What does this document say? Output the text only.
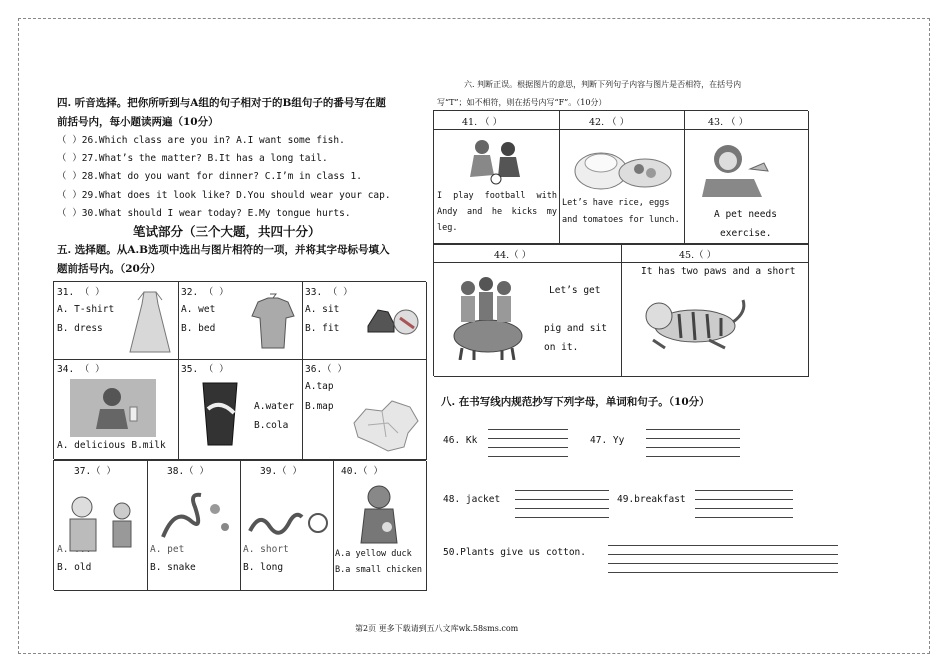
四. 听音选择。把你所听到与A组的句子相对于的B组句子的番号写在题
前括号内，每小题读两遍（10分）
（ ）26.Which class are you in? A.I want some fish.
（ ）27.What’s the matter? B.It has a long tail.
（ ）28.What do you want for dinner? C.I’m in class 1.
（ ）29.What does it look like? D.You should wear your cap.
（ ）30.What should I wear today? E.My tongue hurts.
笔试部分（三个大题，共四十分）
五. 选择题。从A.B选项中选出与图片相符的一项，并将其字母标号填入
题前括号内。（20分）
31. （ ）
A. T-shirt
B. dress
32. （ ）
A. wet
B. bed
33. （ ）
A. sit
B. fit
34. （ ）
A. delicious B.milk
35. （ ）
A.water
B.cola
36.（ ）
A.tap
B.map
37.（ ）
A. ...
B. old
38.（ ）
A. pet
B. snake
39.（ ）
A. short
B. long
40.（ ）
A.a yellow duck
B.a small chicken
六. 判断正误。根据图片的意思，判断下列句子内容与图片是否相符，在括号内
写“T”；如不相符，则在括号内写“F”。（10分）
41. （ ）
I play football with Andy and he kicks my leg.
42. （ ）
Let’s have rice, eggs and tomatoes for lunch.
43. （ ）
A pet needs
exercise.
44.（ ）
Let’s get
pig and sit
on it.
45.（ ）
It has two paws and a short
八. 在书写线内规范抄写下列字母，单词和句子。（10分）
46. Kk	47. Yy
48. jacket	49.breakfast
50.Plants give us cotton.
第2页 更多下载请到五八文库wk.58sms.com
